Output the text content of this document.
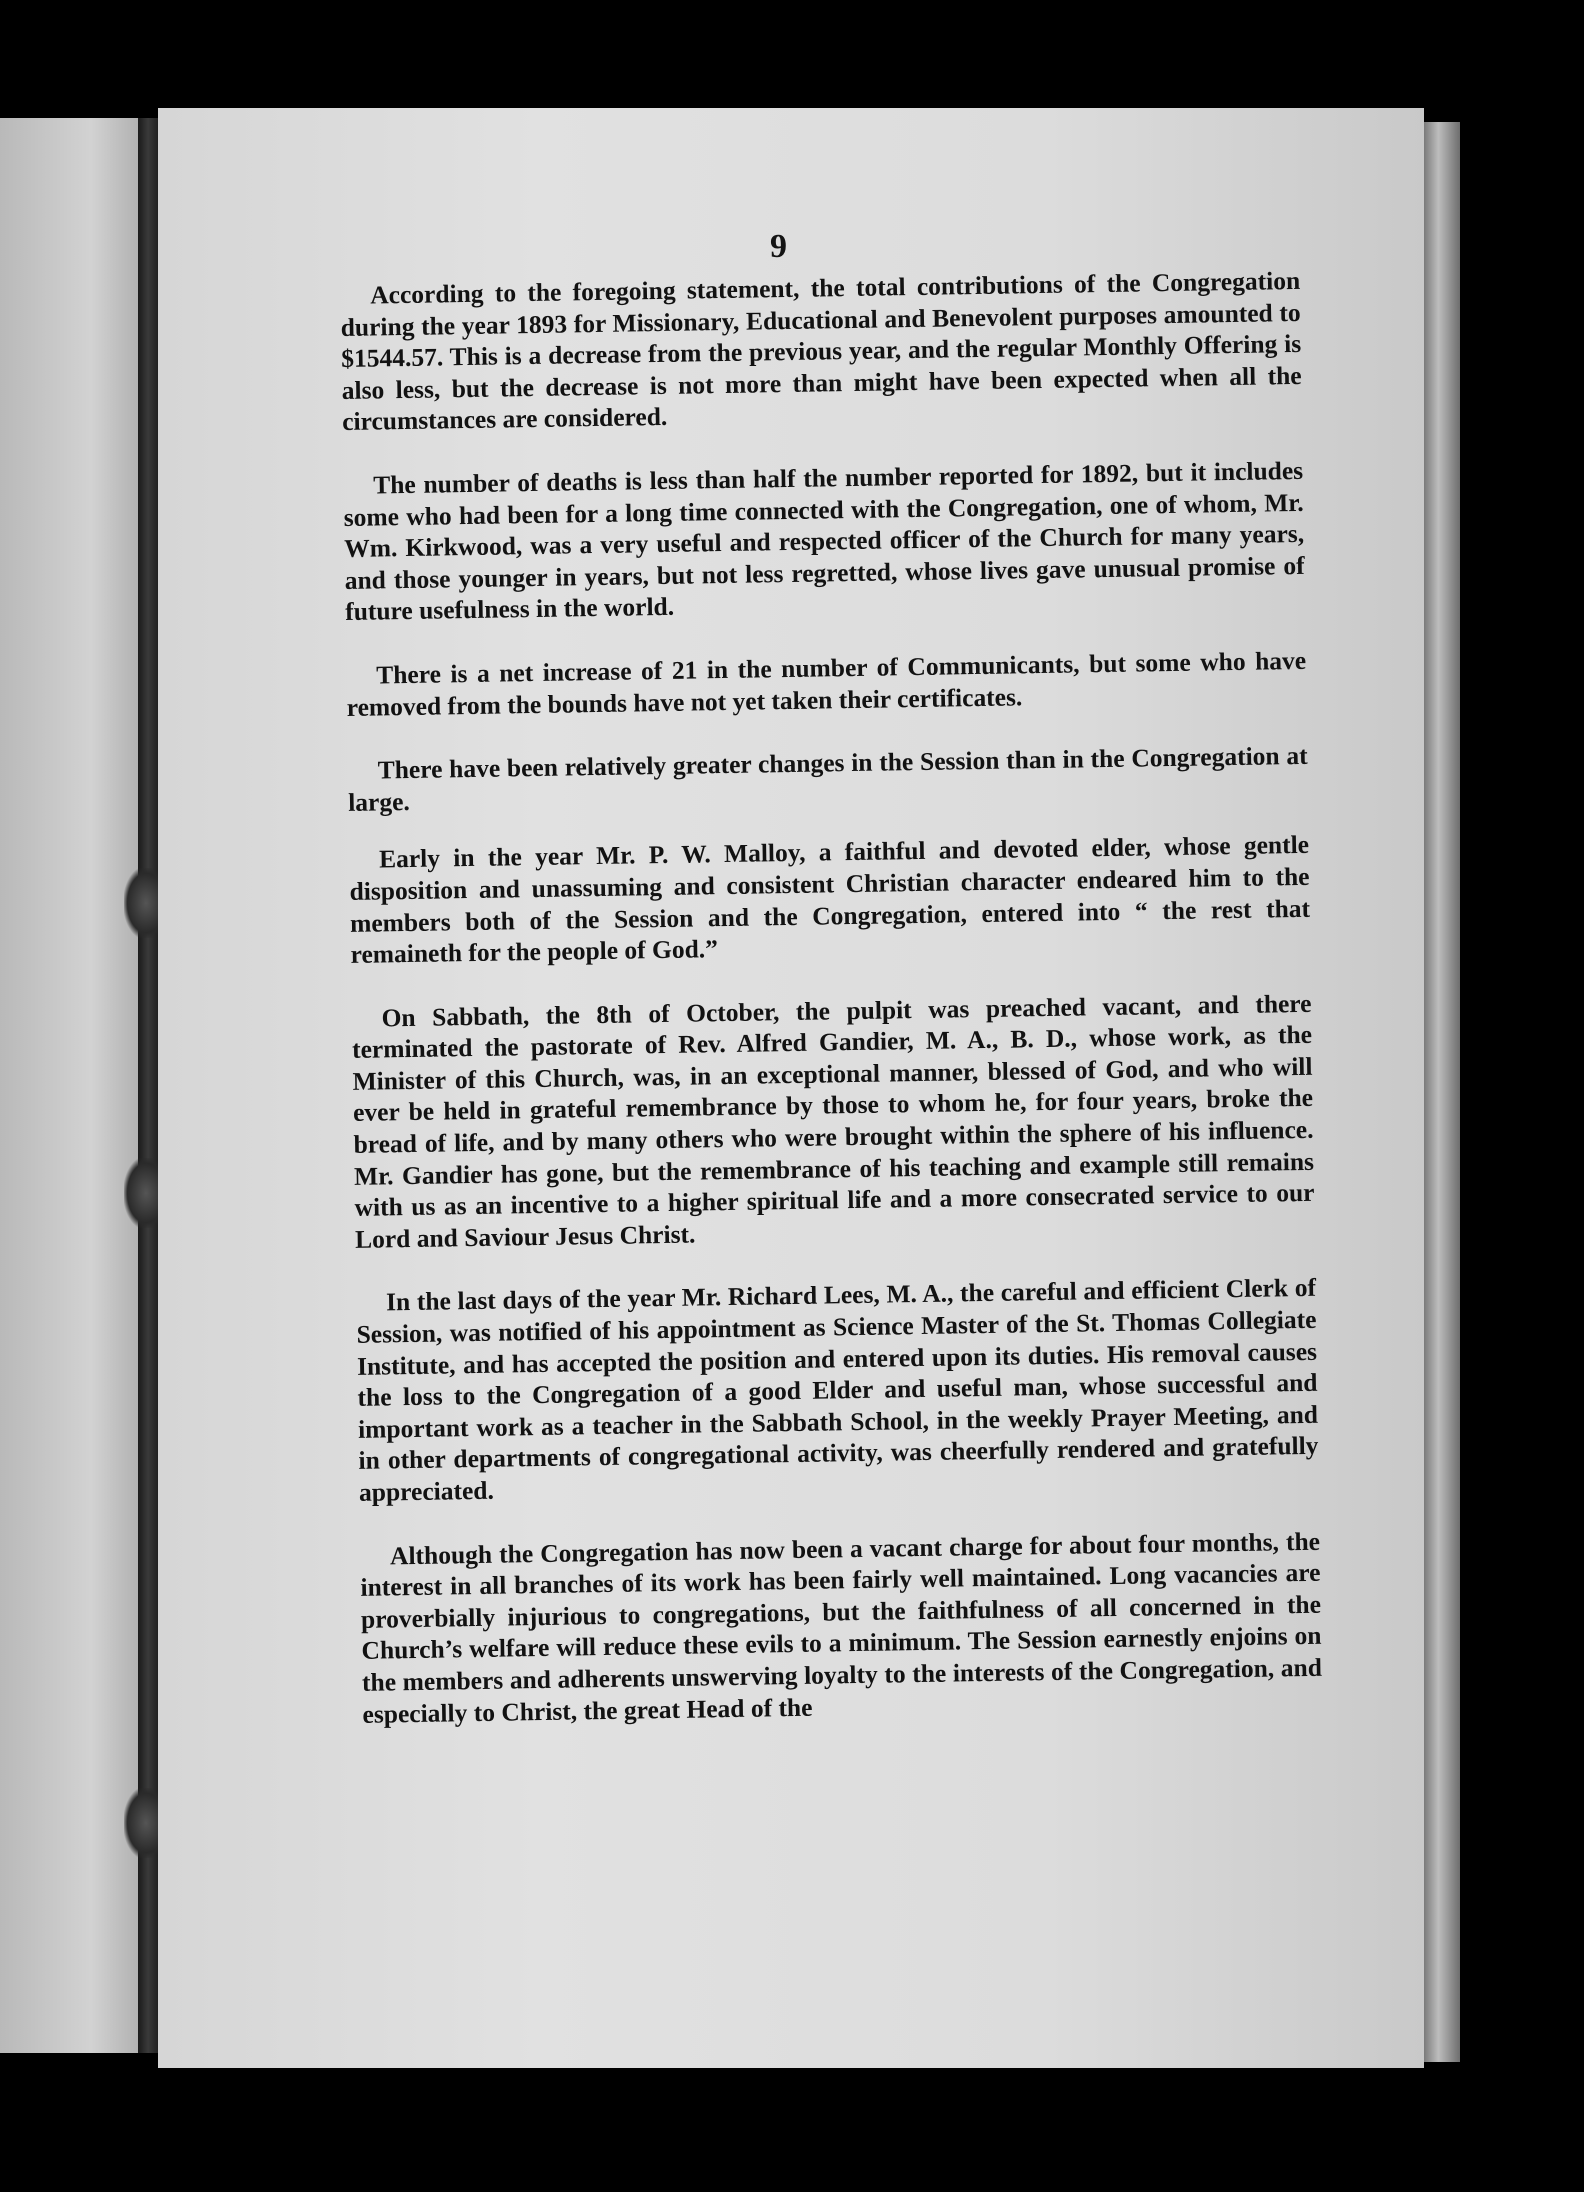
9

According to the foregoing statement, the total contributions of the Congregation during the year 1893 for Missionary, Educational and Benevolent purposes amounted to $1544.57. This is a decrease from the previous year, and the regular Monthly Offering is also less, but the decrease is not more than might have been expected when all the circumstances are considered.

The number of deaths is less than half the number reported for 1892, but it includes some who had been for a long time connected with the Congregation, one of whom, Mr. Wm. Kirkwood, was a very useful and respected officer of the Church for many years, and those younger in years, but not less regretted, whose lives gave unusual promise of future usefulness in the world.

There is a net increase of 21 in the number of Communicants, but some who have removed from the bounds have not yet taken their certificates.

There have been relatively greater changes in the Session than in the Congregation at large.

Early in the year Mr. P. W. Malloy, a faithful and devoted elder, whose gentle disposition and unassuming and consistent Christian character endeared him to the members both of the Session and the Congregation, entered into “ the rest that remaineth for the people of God.”

On Sabbath, the 8th of October, the pulpit was preached vacant, and there terminated the pastorate of Rev. Alfred Gandier, M. A., B. D., whose work, as the Minister of this Church, was, in an exceptional manner, blessed of God, and who will ever be held in grateful remembrance by those to whom he, for four years, broke the bread of life, and by many others who were brought within the sphere of his influence. Mr. Gandier has gone, but the remembrance of his teaching and example still remains with us as an incentive to a higher spiritual life and a more consecrated service to our Lord and Saviour Jesus Christ.

In the last days of the year Mr. Richard Lees, M. A., the careful and efficient Clerk of Session, was notified of his appointment as Science Master of the St. Thomas Collegiate Institute, and has accepted the position and entered upon its duties. His removal causes the loss to the Congregation of a good Elder and useful man, whose successful and important work as a teacher in the Sabbath School, in the weekly Prayer Meeting, and in other departments of congregational activity, was cheerfully rendered and gratefully appreciated.

Although the Congregation has now been a vacant charge for about four months, the interest in all branches of its work has been fairly well maintained. Long vacancies are proverbially injurious to congregations, but the faithfulness of all concerned in the Church’s welfare will reduce these evils to a minimum. The Session earnestly enjoins on the members and adherents unswerving loyalty to the interests of the Congregation, and especially to Christ, the great Head of the
